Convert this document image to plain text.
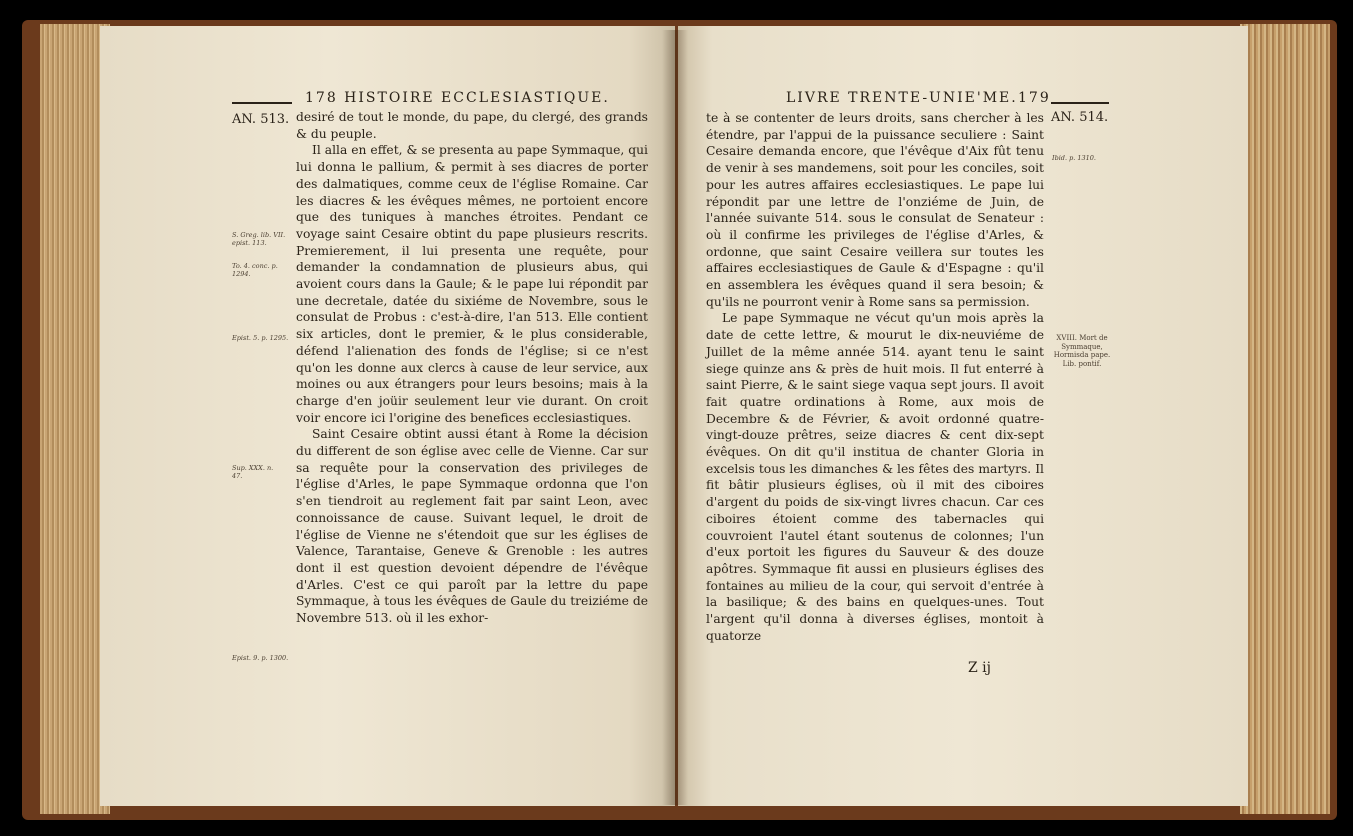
178 HISTOIRE ECCLESIASTIQUE.
AN. 513.
S. Greg. lib. VII.
epist. 113.
To. 4. conc. p.
1294.
Epist. 5. p. 1295.
Sup. XXX. n.
47.
Epist. 9. p. 1300.

desiré de tout le monde, du pape, du clergé, des grands & du peuple.

Il alla en effet, & se presenta au pape Symmaque, qui lui donna le pallium, & permit à ses diacres de porter des dalmatiques, comme ceux de l'église Romaine. Car les diacres & les évêques mêmes, ne portoient encore que des tuniques à manches étroites. Pendant ce voyage saint Cesaire obtint du pape plusieurs rescrits. Premierement, il lui presenta une requête, pour demander la condamnation de plusieurs abus, qui avoient cours dans la Gaule; & le pape lui répondit par une decretale, datée du sixiéme de Novembre, sous le consulat de Probus : c'est-à-dire, l'an 513. Elle contient six articles, dont le premier, & le plus considerable, défend l'alienation des fonds de l'église; si ce n'est qu'on les donne aux clercs à cause de leur service, aux moines ou aux étrangers pour leurs besoins; mais à la charge d'en joüir seulement leur vie durant. On croit voir encore ici l'origine des benefices ecclesiastiques.

Saint Cesaire obtint aussi étant à Rome la décision du different de son église avec celle de Vienne. Car sur sa requête pour la conservation des privileges de l'église d'Arles, le pape Symmaque ordonna que l'on s'en tiendroit au reglement fait par saint Leon, avec connoissance de cause. Suivant lequel, le droit de l'église de Vienne ne s'étendoit que sur les églises de Valence, Tarantaise, Geneve & Grenoble : les autres dont il est question devoient dépendre de l'évêque d'Arles. C'est ce qui paroît par la lettre du pape Symmaque, à tous les évêques de Gaule du treiziéme de Novembre 513. où il les exhor-

LIVRE TRENTE-UNIE'ME. 179
AN. 514.
Ibid. p. 1310.
XVIII. Mort de Symmaque, Hormisda pape. Lib. pontif.

te à se contenter de leurs droits, sans chercher à les étendre, par l'appui de la puissance seculiere : Saint Cesaire demanda encore, que l'évêque d'Aix fût tenu de venir à ses mandemens, soit pour les conciles, soit pour les autres affaires ecclesiastiques. Le pape lui répondit par une lettre de l'onziéme de Juin, de l'année suivante 514. sous le consulat de Senateur : où il confirme les privileges de l'église d'Arles, & ordonne, que saint Cesaire veillera sur toutes les affaires ecclesiastiques de Gaule & d'Espagne : qu'il en assemblera les évêques quand il sera besoin; & qu'ils ne pourront venir à Rome sans sa permission.

Le pape Symmaque ne vécut qu'un mois après la date de cette lettre, & mourut le dix-neuviéme de Juillet de la même année 514. ayant tenu le saint siege quinze ans & près de huit mois. Il fut enterré à saint Pierre, & le saint siege vaqua sept jours. Il avoit fait quatre ordinations à Rome, aux mois de Decembre & de Février, & avoit ordonné quatre-vingt-douze prêtres, seize diacres & cent dix-sept évêques. On dit qu'il institua de chanter Gloria in excelsis tous les dimanches & les fêtes des martyrs. Il fit bâtir plusieurs églises, où il mit des ciboires d'argent du poids de six-vingt livres chacun. Car ces ciboires étoient comme des tabernacles qui couvroient l'autel étant soutenus de colonnes; l'un d'eux portoit les figures du Sauveur & des douze apôtres. Symmaque fit aussi en plusieurs églises des fontaines au milieu de la cour, qui servoit d'entrée à la basilique; & des bains en quelques-unes. Tout l'argent qu'il donna à diverses églises, montoit à quatorze

Z ij
